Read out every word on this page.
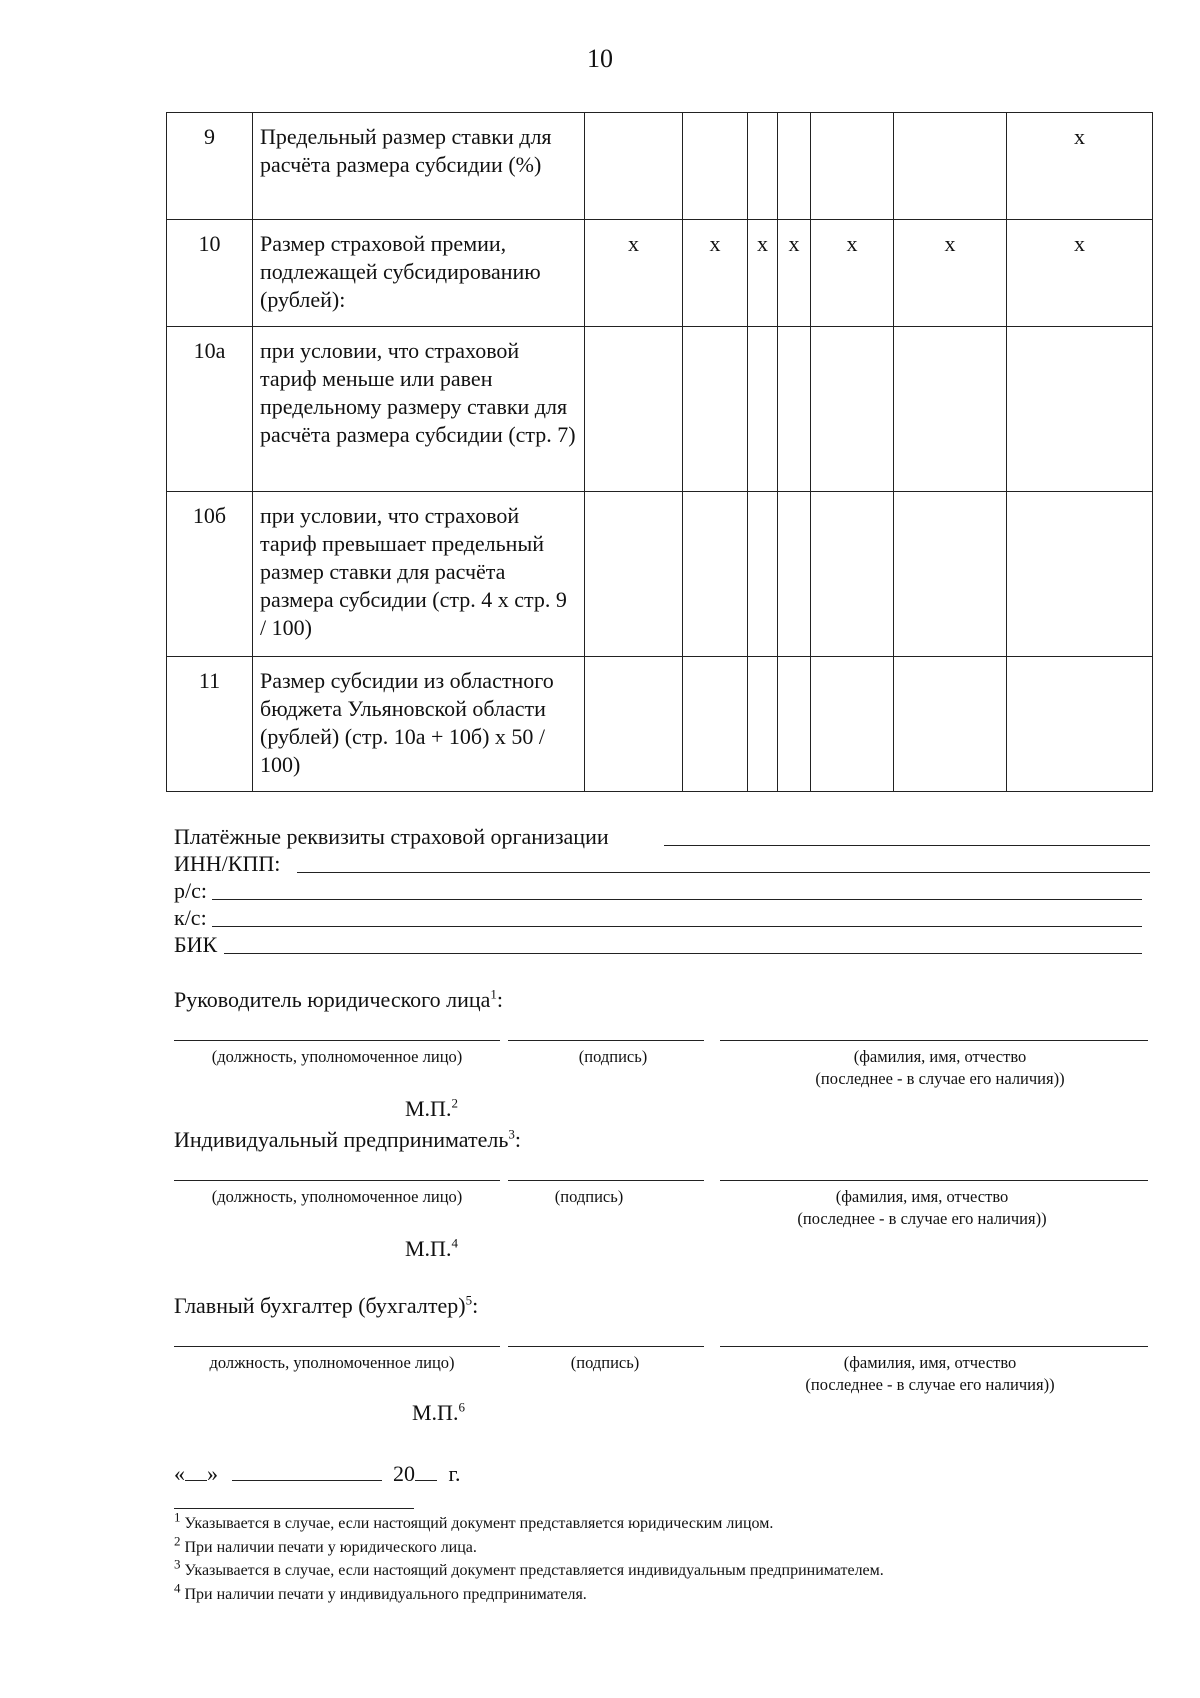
10
9	Предельный размер ставки для расчёта размера субсидии (%)							x
10	Размер страховой премии, подлежащей субсидированию (рублей):	x	x	x	x	x	x	x
10а	при условии, что страховой тариф меньше или равен предельному размеру ставки для расчёта размера субсидии (стр. 7)							
10б	при условии, что страховой тариф превышает предельный размер ставки для расчёта размера субсидии (стр. 4 x стр. 9 / 100)							
11	Размер субсидии из областного бюджета Ульяновской области (рублей) (стр. 10а + 10б) x 50 / 100)							
Платёжные реквизиты страховой организации
ИНН/КПП:
р/с:
к/с:
БИК
Руководитель юридического лица$^1$:
(должность, уполномоченное лицо)	(подпись)	(фамилия, имя, отчество
(последнее - в случае его наличия))
М.П.$^2$
Индивидуальный предприниматель$^3$:
(должность, уполномоченное лицо)	(подпись)	(фамилия, имя, отчество
(последнее - в случае его наличия))
М.П.$^4$
Главный бухгалтер (бухгалтер)$^5$:
должность, уполномоченное лицо)	(подпись)	(фамилия, имя, отчество
(последнее - в случае его наличия))
М.П.$^6$
« »	20 г.
$^1$ Указывается в случае, если настоящий документ представляется юридическим лицом.
$^2$ При наличии печати у юридического лица.
$^3$ Указывается в случае, если настоящий документ представляется индивидуальным предпринимателем.
$^4$ При наличии печати у индивидуального предпринимателя.
